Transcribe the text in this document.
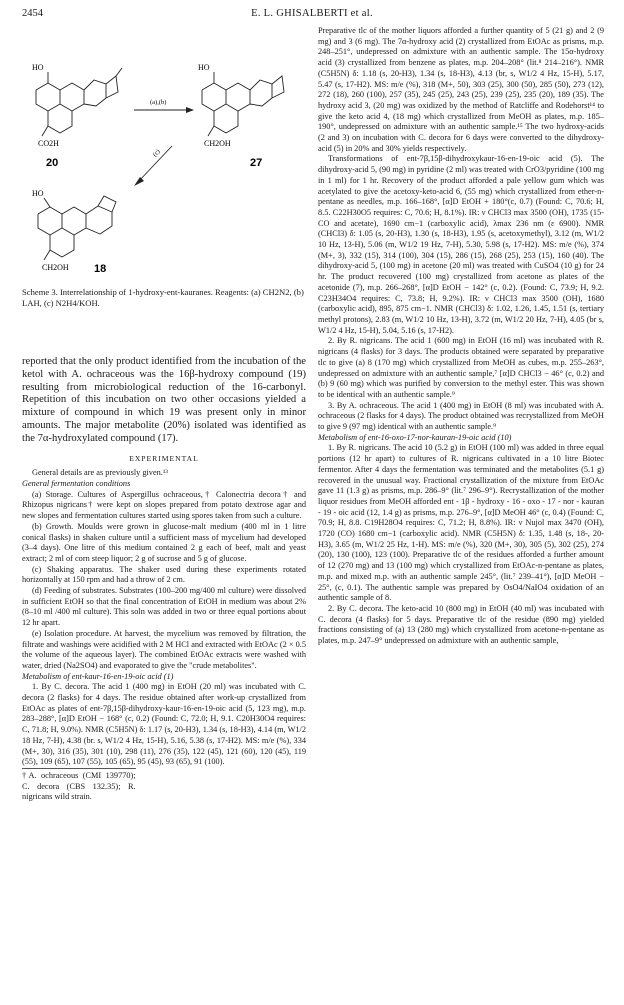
2454	E. L. GHISALBERTI et al.
HO
CO2H
20
HO
CH2OH
27
(a),(b)
(c)
HO
CH2OH 18
Scheme 3. Interrelationship of 1-hydroxy-ent-kauranes. Reagents: (a) CH2N2, (b) LAH, (c) N2H4/KOH.

reported that the only product identified from the incubation of the ketol with A. ochraceous was the 16β-hydroxy compound (19) resulting from microbiological reduction of the 16-carbonyl. Repetition of this incubation on two other occasions yielded a mixture of compound in which 19 was present only in minor amounts. The major metabolite (20%) isolated was identified as the 7α-hydroxylated compound (17).

EXPERIMENTAL

General details are as previously given.¹³

General fermentation conditions

(a) Storage. Cultures of Aspergillus ochraceous,† Calonectria decora† and Rhizopus nigricans† were kept on slopes prepared from potato dextrose agar and new slopes and fermentation cultures started using spores taken from such a culture.

(b) Growth. Moulds were grown in glucose-malt medium (400 ml in 1 litre conical flasks) in shaken culture until a sufficient mass of mycelium had developed (3–4 days). One litre of this medium contained 2 g each of beef, malt and yeast extract; 2 ml of corn steep liquor; 2 g of sucrose and 5 g of glucose.

(c) Shaking apparatus. The shaker used during these experiments rotated horizontally at 150 rpm and had a throw of 2 cm.

(d) Feeding of substrates. Substrates (100–200 mg/400 ml culture) were dissolved in sufficient EtOH so that the final concentration of EtOH in medium was about 2% (8–10 ml /400 ml culture). This soln was added in two or three equal portions about 12 hr apart.

(e) Isolation procedure. At harvest, the mycelium was removed by filtration, the filtrate and washings were acidified with 2 M HCl and extracted with EtOAc (2 × 0.5 the volume of the aqueous layer). The combined EtOAc extracts were washed with water, dried (Na2SO4) and evaporated to give the "crude metabolites".

Metabolism of ent-kaur-16-en-19-oic acid (1)

1. By C. decora. The acid 1 (400 mg) in EtOH (20 ml) was incubated with C. decora (2 flasks) for 4 days. The residue obtained after work-up crystallized from EtOAc as plates of ent-7β,15β-dihydroxy-kaur-16-en-19-oic acid (5, 123 mg), m.p. 283–288°, [α]D EtOH − 168° (c, 0.2) (Found: C, 72.0; H, 9.1. C20H30O4 requires: C, 71.8; H, 9.0%). NMR (C5H5N) δ: 1.17 (s, 20-H3), 1.34 (s, 18-H3), 4.14 (m, W1/2 18 Hz, 7-H), 4.38 (br. s, W1/2 4 Hz, 15-H), 5.16, 5.38 (s, 17-H2). MS: m/e (%), 334 (M+, 30), 316 (35), 301 (10), 298 (11), 276 (35), 122 (45), 121 (60), 120 (45), 119 (55), 109 (65), 107 (55), 105 (65), 95 (45), 93 (65), 91 (100).

†A. ochraceous (CMI 139770); C. decora (CBS 132.35); R. nigricans wild strain.

Preparative tlc of the mother liquors afforded a further quantity of 5 (21 g) and 2 (9 mg) and 3 (6 mg). The 7α-hydroxy acid (2) crystallized from EtOAc as prisms, m.p. 248–251°, undepressed on admixture with an authentic sample. The 15α-hydroxy acid (3) crystallized from benzene as plates, m.p. 204–208° (lit.⁸ 214–216°). NMR (C5H5N) δ: 1.18 (s, 20-H3), 1.34 (s, 18-H3), 4.13 (br, s, W1/2 4 Hz, 15-H), 5.17, 5.47 (s, 17-H2). MS: m/e (%), 318 (M+, 50), 303 (25), 300 (50), 285 (50), 273 (12), 272 (18), 260 (100), 257 (35), 245 (25), 243 (25), 239 (25), 235 (20), 189 (35). The hydroxy acid 3, (20 mg) was oxidized by the method of Ratcliffe and Rodehorst¹⁴ to give the keto acid 4, (18 mg) which crystallized from MeOH as plates, m.p. 185–190°, undepressed on admixture with an authentic sample.¹⁵ The two hydroxy-acids (2 and 3) on incubation with C. decora for 6 days were converted to the dihydroxy-acid (5) in 20% and 30% yields respectively.

Transformations of ent-7β,15β-dihydroxykaur-16-en-19-oic acid (5). The dihydroxy-acid 5, (90 mg) in pyridine (2 ml) was treated with CrO3/pyridine (100 mg in 1 ml) for 1 hr. Recovery of the product afforded a pale yellow gum which was acetylated to give the acetoxy-keto-acid 6, (55 mg) which crystallized from ether-n-pentane as needles, m.p. 166–168°, [α]D EtOH + 180°(c, 0.7) (Found: C, 70.6; H, 8.5. C22H30O5 requires: C, 70.6; H, 8.1%). IR: ν CHCl3 max 3500 (OH), 1735 (15-CO and acetate), 1690 cm−1 (carboxylic acid), λmax 236 nm (ε 6900). NMR (CHCl3) δ: 1.05 (s, 20-H3), 1.30 (s, 18-H3), 1.95 (s, acetoxymethyl), 3.12 (m, W1/2 10 Hz, 13-H), 5.06 (m, W1/2 19 Hz, 7-H), 5.30, 5.98 (s, 17-H2). MS: m/e (%), 374 (M+, 3), 332 (15), 314 (100), 304 (15), 286 (15), 268 (25), 253 (15), 160 (40). The dihydroxy-acid 5, (100 mg) in acetone (20 ml) was treated with CuSO4 (10 g) for 24 hr. The product recovered (100 mg) crystallized from acetone as plates of the acetonide (7), m.p. 266–268°, [α]D EtOH − 142° (c, 0.2). (Found: C, 73.9; H, 9.2. C23H34O4 requires: C, 73.8; H, 9.2%). IR: ν CHCl3 max 3500 (OH), 1680 (carboxylic acid), 895, 875 cm−1. NMR (CHCl3) δ: 1.02, 1.26, 1.45, 1.51 (s, tertiary methyl protons), 2.83 (m, W1/2 10 Hz, 13-H), 3.72 (m, W1/2 20 Hz, 7-H), 4.05 (br s, W1/2 4 Hz, 15-H), 5.04, 5.16 (s, 17-H2).

2. By R. nigricans. The acid 1 (600 mg) in EtOH (16 ml) was incubated with R. nigricans (4 flasks) for 3 days. The products obtained were separated by preparative tlc to give (a) 8 (170 mg) which crystallized from MeOH as cubes, m.p. 255–263°, undepressed on admixture with an authentic sample,⁷ [α]D CHCl3 − 46° (c, 0.2) and (b) 9 (60 mg) which was purified by conversion to the methyl ester. This was shown to be identical with an authentic sample.⁹

3. By A. ochraceous. The acid 1 (400 mg) in EtOH (8 ml) was incubated with A. ochraceous (2 flasks for 4 days). The product obtained was recrystallized from MeOH to give 9 (97 mg) identical with an authentic sample.⁹

Metabolism of ent-16-oxo-17-nor-kauran-19-oic acid (10)

1. By R. nigricans. The acid 10 (5.2 g) in EtOH (100 ml) was added in three equal portions (12 hr apart) to cultures of R. nigricans cultivated in a 10 litre Biotec fermentor. After 4 days the fermentation was terminated and the metabolites (5.1 g) recovered in the unusual way. Fractional crystallization of the mixture from EtOAc gave 11 (1.3 g) as prisms, m.p. 286–9° (lit.⁷ 296–9°). Recrystallization of the mother liquor residues from MeOH afforded ent - 1β - hydroxy - 16 - oxo - 17 - nor - kauran - 19 - oic acid (12, 1.4 g) as prisms, m.p. 276–9°, [α]D MeOH 46° (c, 0.4) (Found: C, 70.9; H, 8.8. C19H28O4 requires: C, 71.2; H, 8.8%). IR: ν Nujol max 3470 (OH), 1720 (CO) 1680 cm−1 (carboxylic acid). NMR (C5H5N) δ: 1.35, 1.48 (s, 18-, 20-H3), 3.65 (m, W1/2 25 Hz, 1-H). MS: m/e (%), 320 (M+, 30), 305 (5), 302 (25), 274 (20), 130 (100), 123 (100). Preparative tlc of the residues afforded a further amount of 12 (270 mg) and 13 (100 mg) which crystallized from EtOAc-n-pentane as plates, m.p. and mixed m.p. with an authentic sample 245°, (lit.⁷ 239–41°), [α]D MeOH − 25°, (c, 0.1). The authentic sample was prepared by OsO4/NaIO4 oxidation of an authentic sample of 8.

2. By C. decora. The keto-acid 10 (800 mg) in EtOH (40 ml) was incubated with C. decora (4 flasks) for 5 days. Preparative tlc of the residue (890 mg) yielded fractions consisting of (a) 13 (280 mg) which crystallized from acetone-n-pentane as plates, m.p. 247–9° undepressed on admixture with an authentic sample,
